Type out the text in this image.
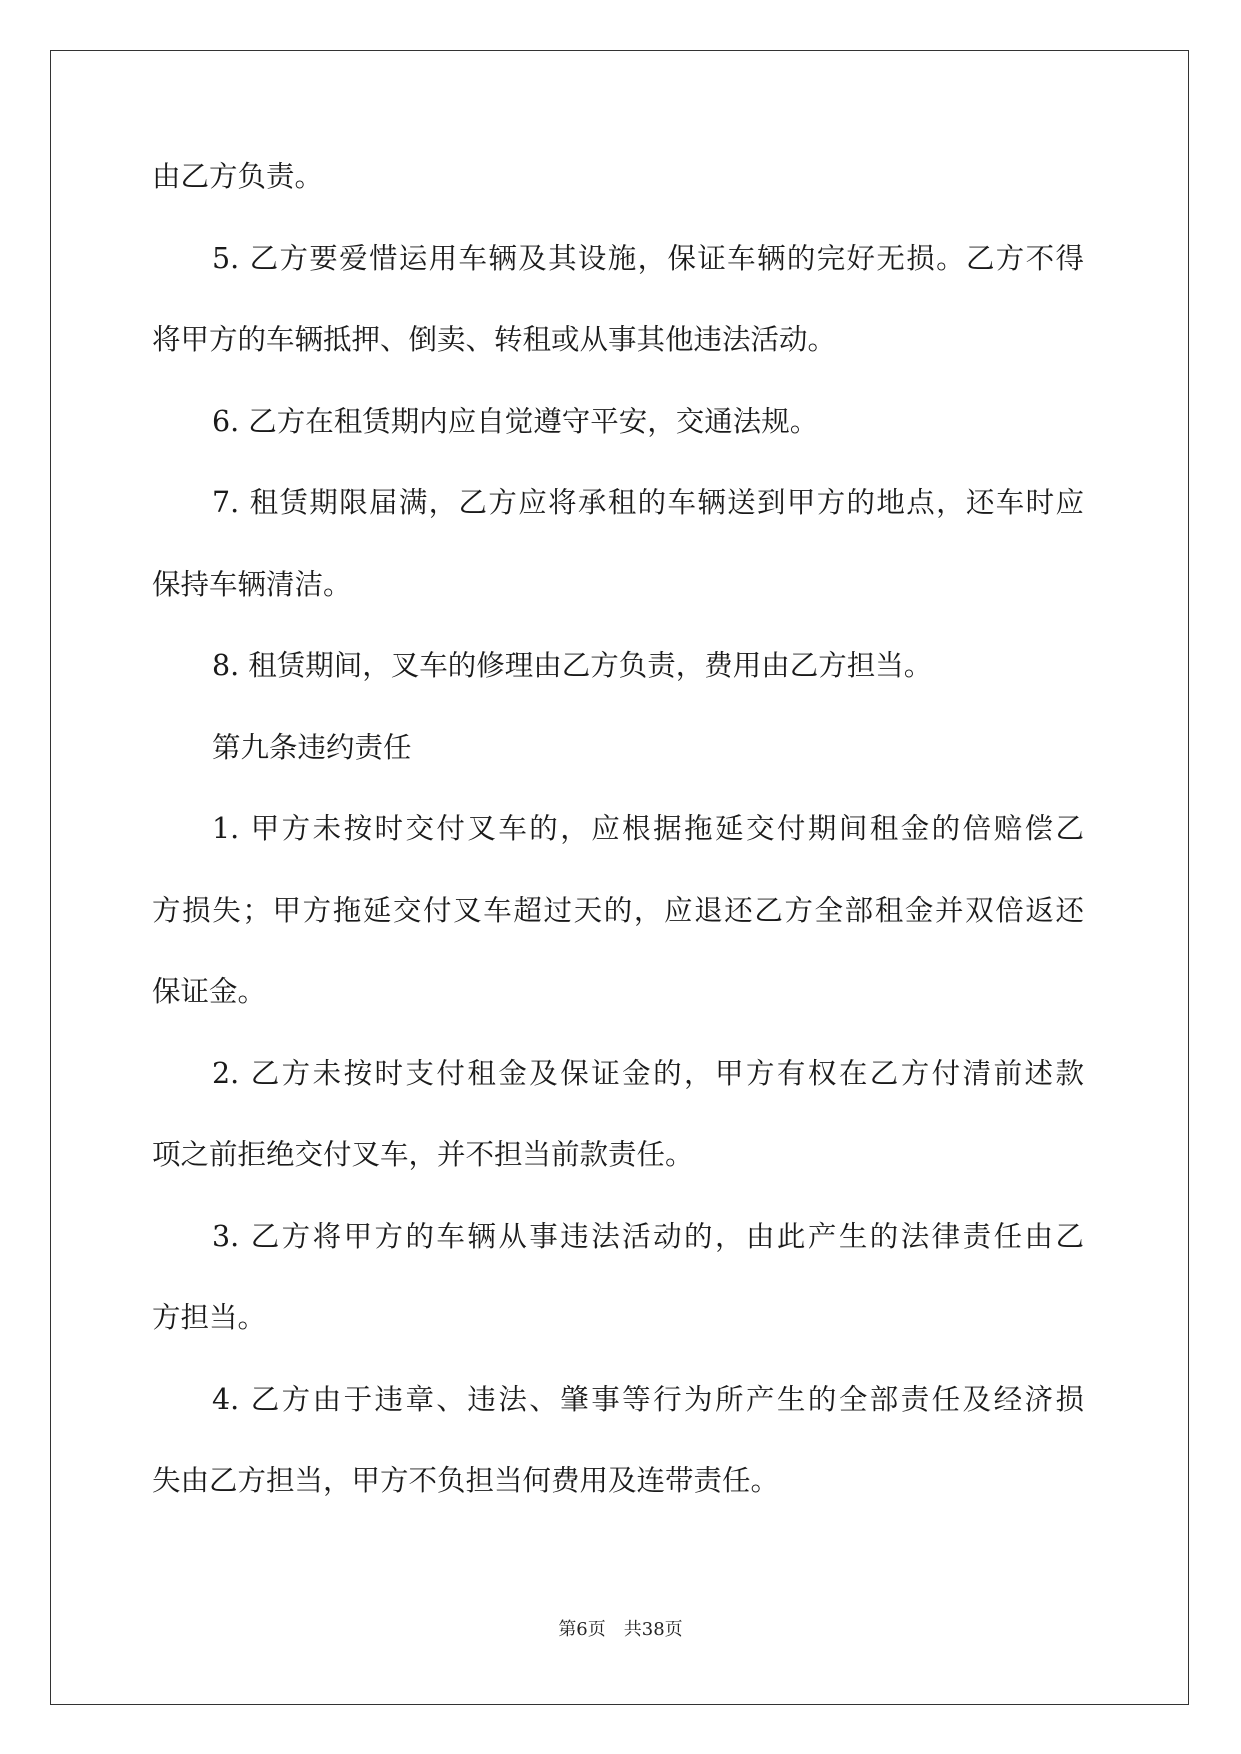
由乙方负责。
5. 乙方要爱惜运用车辆及其设施，保证车辆的完好无损。乙方不得
将甲方的车辆抵押、倒卖、转租或从事其他违法活动。
6. 乙方在租赁期内应自觉遵守平安，交通法规。
7. 租赁期限届满，乙方应将承租的车辆送到甲方的地点，还车时应
保持车辆清洁。
8. 租赁期间，叉车的修理由乙方负责，费用由乙方担当。
第九条违约责任
1. 甲方未按时交付叉车的，应根据拖延交付期间租金的倍赔偿乙
方损失；甲方拖延交付叉车超过天的，应退还乙方全部租金并双倍返还
保证金。
2. 乙方未按时支付租金及保证金的，甲方有权在乙方付清前述款
项之前拒绝交付叉车，并不担当前款责任。
3. 乙方将甲方的车辆从事违法活动的，由此产生的法律责任由乙
方担当。
4. 乙方由于违章、违法、肇事等行为所产生的全部责任及经济损
失由乙方担当，甲方不负担当何费用及连带责任。
第6页　共38页
